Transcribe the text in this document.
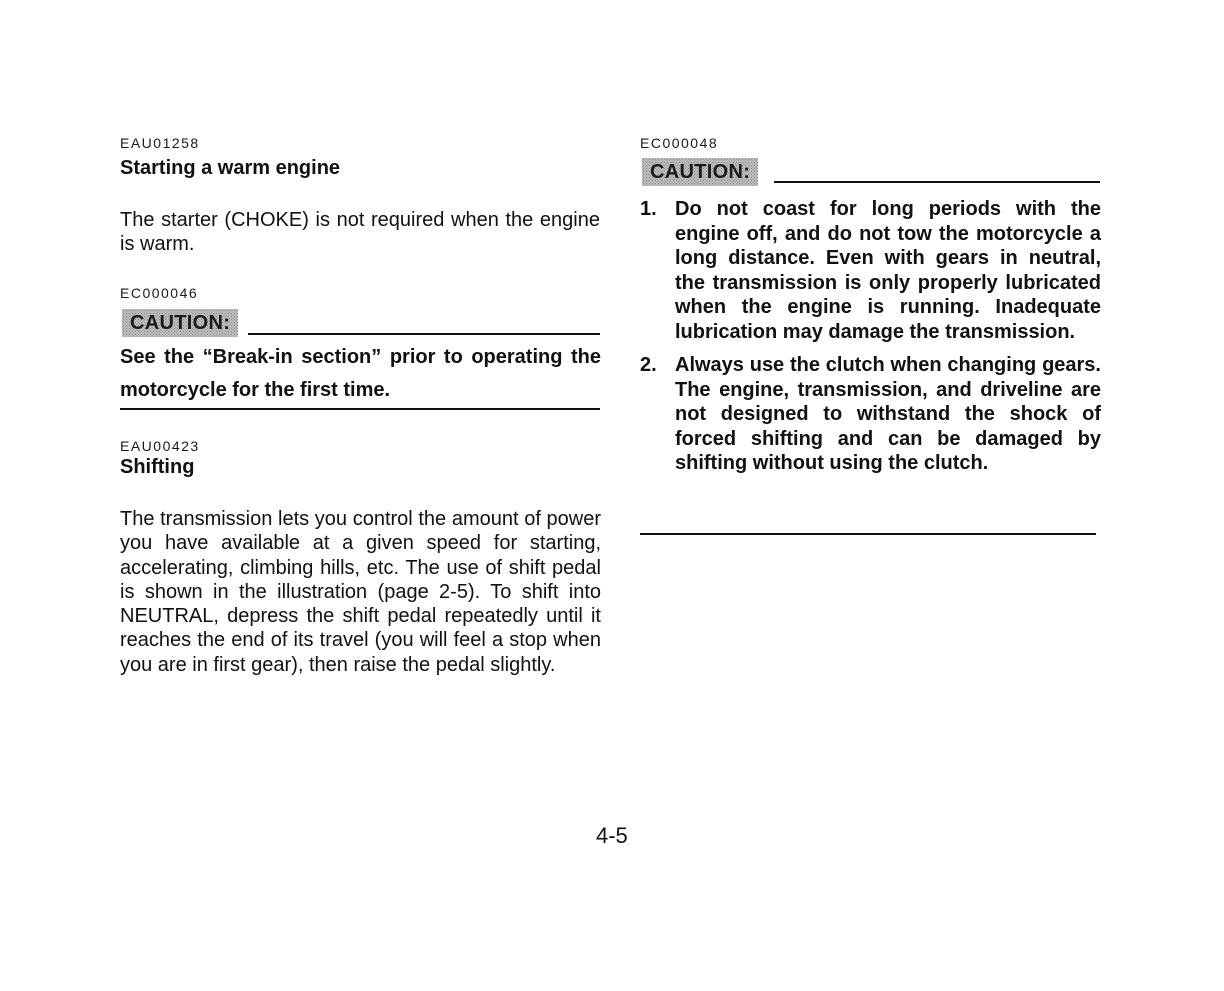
EAU01258
Starting a warm engine
The starter (CHOKE) is not required when the engine is warm.
EC000046
CAUTION:
See the “Break-in section” prior to operating the motorcycle for the first time.
EAU00423
Shifting
The transmission lets you control the amount of power you have available at a given speed for starting, accelerating, climbing hills, etc. The use of shift pedal is shown in the illustration (page 2-5). To shift into NEUTRAL, depress the shift pedal repeatedly until it reaches the end of its travel (you will feel a stop when you are in first gear), then raise the pedal slightly.
EC000048
CAUTION:
1. Do not coast for long periods with the engine off, and do not tow the motorcycle a long distance. Even with gears in neutral, the transmission is only properly lubricated when the engine is running. Inadequate lubrication may damage the transmission.
2. Always use the clutch when changing gears. The engine, transmission, and driveline are not designed to withstand the shock of forced shifting and can be damaged by shifting without using the clutch.
4-5
